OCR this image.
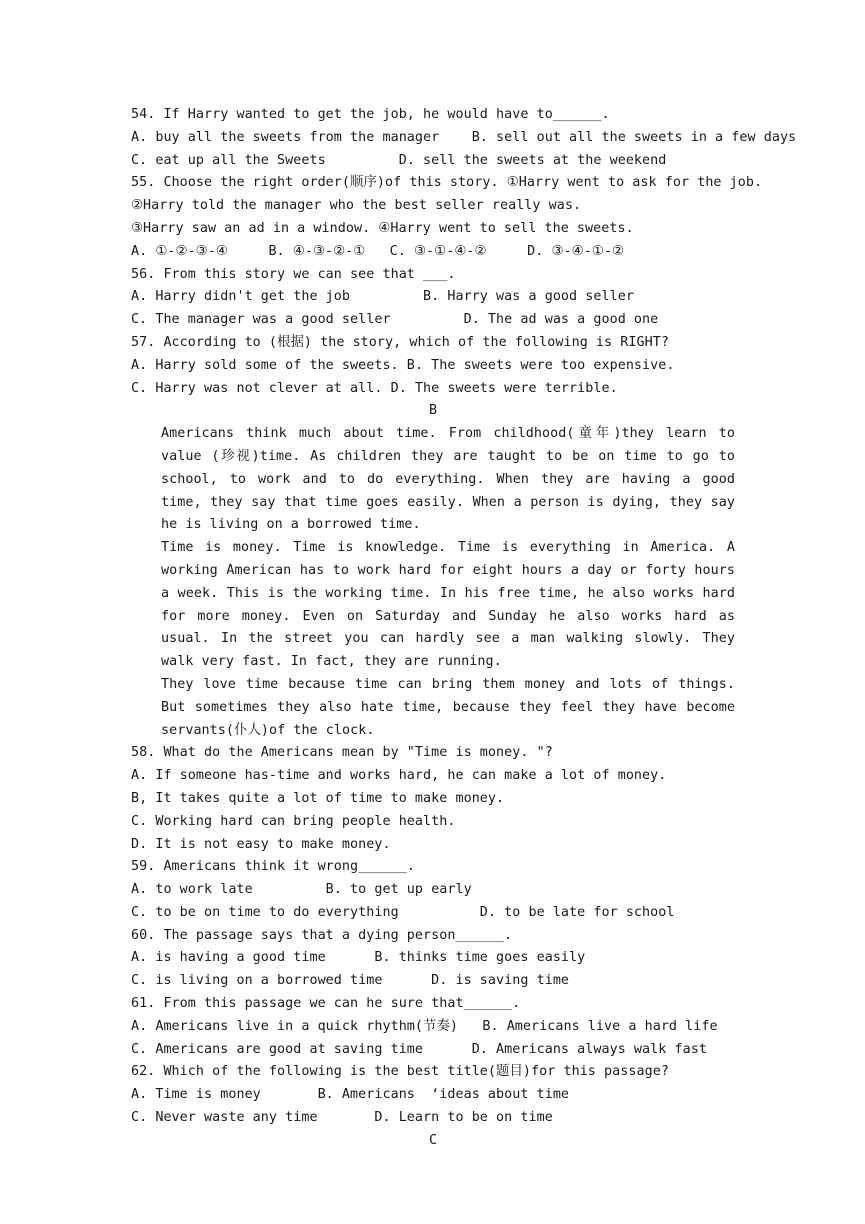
54. If Harry wanted to get the job, he would have to______.
A. buy all the sweets from the manager    B. sell out all the sweets in a few days
C. eat up all the Sweets         D. sell the sweets at the weekend
55. Choose the right order(顺序)of this story. ①Harry went to ask for the job.
②Harry told the manager who the best seller really was.
③Harry saw an ad in a window. ④Harry went to sell the sweets.
A. ①-②-③-④     B. ④-③-②-①   C. ③-①-④-②     D. ③-④-①-②
56. From this story we can see that ___.
A. Harry didn't get the job         B. Harry was a good seller
C. The manager was a good seller         D. The ad was a good one
57. According to (根据) the story, which of the following is RIGHT?
A. Harry sold some of the sweets. B. The sweets were too expensive.
C. Harry was not clever at all. D. The sweets were terrible.
B
Americans think much about time. From childhood(童年)they learn to value (珍视)time. As children they are taught to be on time to go to school, to work and to do everything. When they are having a good time, they say that time goes easily. When a person is dying, they say he is living on a borrowed time.
Time is money. Time is knowledge. Time is everything in America. A working American has to work hard for eight hours a day or forty hours a week. This is the working time. In his free time, he also works hard for more money. Even on Saturday and Sunday he also works hard as usual. In the street you can hardly see a man walking slowly. They walk very fast. In fact, they are running.
They love time because time can bring them money and lots of things. But sometimes they also hate time, because they feel they have become servants(仆人)of the clock.
58. What do the Americans mean by "Time is money. "?
A. If someone has-time and works hard, he can make a lot of money.
B, It takes quite a lot of time to make money.
C. Working hard can bring people health.
D. It is not easy to make money.
59. Americans think it wrong______.
A. to work late         B. to get up early
C. to be on time to do everything          D. to be late for school
60. The passage says that a dying person______.
A. is having a good time      B. thinks time goes easily
C. is living on a borrowed time      D. is saving time
61. From this passage we can he sure that______.
A. Americans live in a quick rhythm(节奏)   B. Americans live a hard life
C. Americans are good at saving time      D. Americans always walk fast
62. Which of the following is the best title(题目)for this passage?
A. Time is money       B. Americans  ‘ideas about time
C. Never waste any time       D. Learn to be on time
C
